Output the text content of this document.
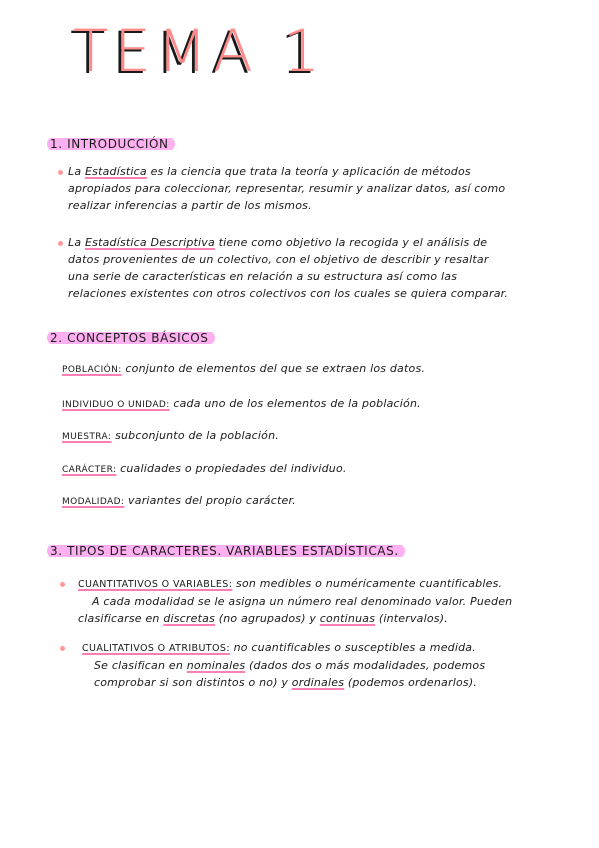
TEMA 1
1. INTRODUCCIÓN
La Estadística es la ciencia que trata la teoría y aplicación de métodos
apropiados para coleccionar, representar, resumir y analizar datos, así como
realizar inferencias a partir de los mismos.
La Estadística Descriptiva tiene como objetivo la recogida y el análisis de
datos provenientes de un colectivo, con el objetivo de describir y resaltar
una serie de características en relación a su estructura así como las
relaciones existentes con otros colectivos con los cuales se quiera comparar.
2. CONCEPTOS BÁSICOS
POBLACIÓN: conjunto de elementos del que se extraen los datos.
INDIVIDUO O UNIDAD: cada uno de los elementos de la población.
MUESTRA: subconjunto de la población.
CARÁCTER: cualidades o propiedades del individuo.
MODALIDAD: variantes del propio carácter.
3. TIPOS DE CARACTERES. VARIABLES ESTADÍSTICAS.
CUANTITATIVOS O VARIABLES: son medibles o numéricamente cuantificables.
A cada modalidad se le asigna un número real denominado valor. Pueden
clasificarse en discretas (no agrupados) y continuas (intervalos).
CUALITATIVOS O ATRIBUTOS: no cuantificables o susceptibles a medida.
Se clasifican en nominales (dados dos o más modalidades, podemos
comprobar si son distintos o no) y ordinales (podemos ordenarlos).
